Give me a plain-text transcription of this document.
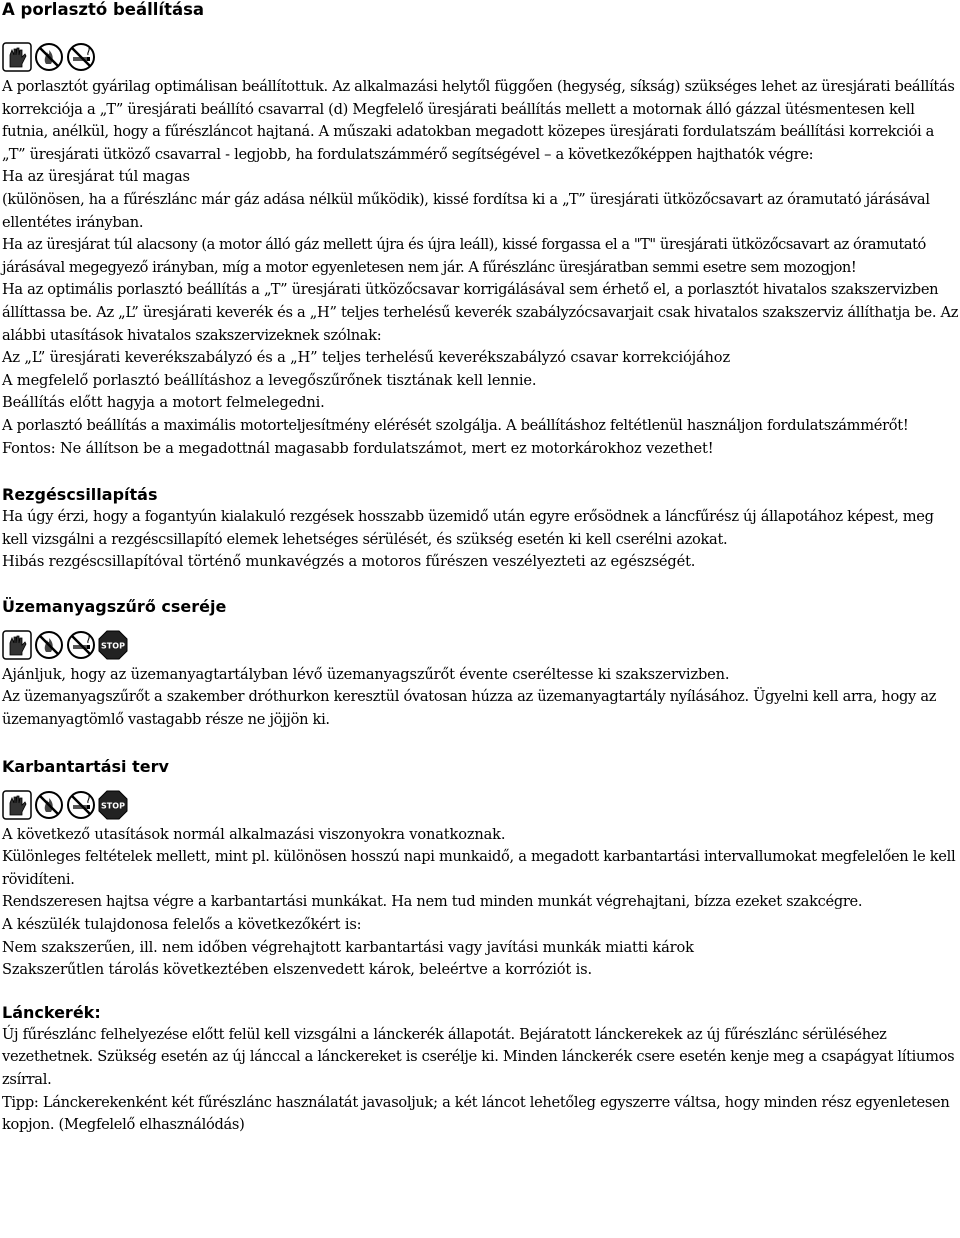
A porlasztó beállítása

A porlasztót gyárilag optimálisan beállítottuk. Az alkalmazási helytől függően (hegység, síkság) szükséges lehet az üresjárati beállítás korrekciója a „T” üresjárati beállító csavarral (d) Megfelelő üresjárati beállítás mellett a motornak álló gázzal ütésmentesen kell futnia, anélkül, hogy a fűrészláncot hajtaná. A műszaki adatokban megadott közepes üresjárati fordulatszám beállítási korrekciói a „T” üresjárati ütköző csavarral - legjobb, ha fordulatszámmérő segítségével – a következőképpen hajthatók végre:

Ha az üresjárat túl magas

(különösen, ha a fűrészlánc már gáz adása nélkül működik), kissé fordítsa ki a „T” üresjárati ütközőcsavart az óramutató járásával ellentétes irányban.

Ha az üresjárat túl alacsony (a motor álló gáz mellett újra és újra leáll), kissé forgassa el a "T" üresjárati ütközőcsavart az óramutató járásával megegyező irányban, míg a motor egyenletesen nem jár. A fűrészlánc üresjáratban semmi esetre sem mozogjon!

Ha az optimális porlasztó beállítás a „T” üresjárati ütközőcsavar korrigálásával sem érhető el, a porlasztót hivatalos szakszervizben állíttassa be. Az „L” üresjárati keverék és a „H” teljes terhelésű keverék szabályzócsavarjait csak hivatalos szakszerviz állíthatja be. Az alábbi utasítások hivatalos szakszervizeknek szólnak:

Az „L” üresjárati keverékszabályzó és a „H” teljes terhelésű keverékszabályzó csavar korrekciójához

A megfelelő porlasztó beállításhoz a levegőszűrőnek tisztának kell lennie.

Beállítás előtt hagyja a motort felmelegedni.

A porlasztó beállítás a maximális motorteljesítmény elérését szolgálja. A beállításhoz feltétlenül használjon fordulatszámmérőt!

Fontos: Ne állítson be a megadottnál magasabb fordulatszámot, mert ez motorkárokhoz vezethet!

Rezgéscsillapítás

Ha úgy érzi, hogy a fogantyún kialakuló rezgések hosszabb üzemidő után egyre erősödnek a láncfűrész új állapotához képest, meg kell vizsgálni a rezgéscsillapító elemek lehetséges sérülését, és szükség esetén ki kell cserélni azokat.

Hibás rezgéscsillapítóval történő munkavégzés a motoros fűrészen veszélyezteti az egészségét.

Üzemanyagszűrő cseréje
STOP

Ajánljuk, hogy az üzemanyagtartályban lévő üzemanyagszűrőt évente cseréltesse ki szakszervizben.

Az üzemanyagszűrőt a szakember dróthurkon keresztül óvatosan húzza az üzemanyagtartály nyílásához. Ügyelni kell arra, hogy az üzemanyagtömlő vastagabb része ne jöjjön ki.

Karbantartási terv
STOP

A következő utasítások normál alkalmazási viszonyokra vonatkoznak.

Különleges feltételek mellett, mint pl. különösen hosszú napi munkaidő, a megadott karbantartási intervallumokat megfelelően le kell rövidíteni.

Rendszeresen hajtsa végre a karbantartási munkákat. Ha nem tud minden munkát végrehajtani, bízza ezeket szakcégre.

A készülék tulajdonosa felelős a következőkért is:

Nem szakszerűen, ill. nem időben végrehajtott karbantartási vagy javítási munkák miatti károk

Szakszerűtlen tárolás következtében elszenvedett károk, beleértve a korróziót is.

Lánckerék:

Új fűrészlánc felhelyezése előtt felül kell vizsgálni a lánckerék állapotát. Bejáratott lánckerekek az új fűrészlánc sérüléséhez vezethetnek. Szükség esetén az új lánccal a lánckereket is cserélje ki. Minden lánckerék csere esetén kenje meg a csapágyat lítiumos zsírral.

Tipp: Lánckerekenként két fűrészlánc használatát javasoljuk; a két láncot lehetőleg egyszerre váltsa, hogy minden rész egyenletesen kopjon. (Megfelelő elhasználódás)
